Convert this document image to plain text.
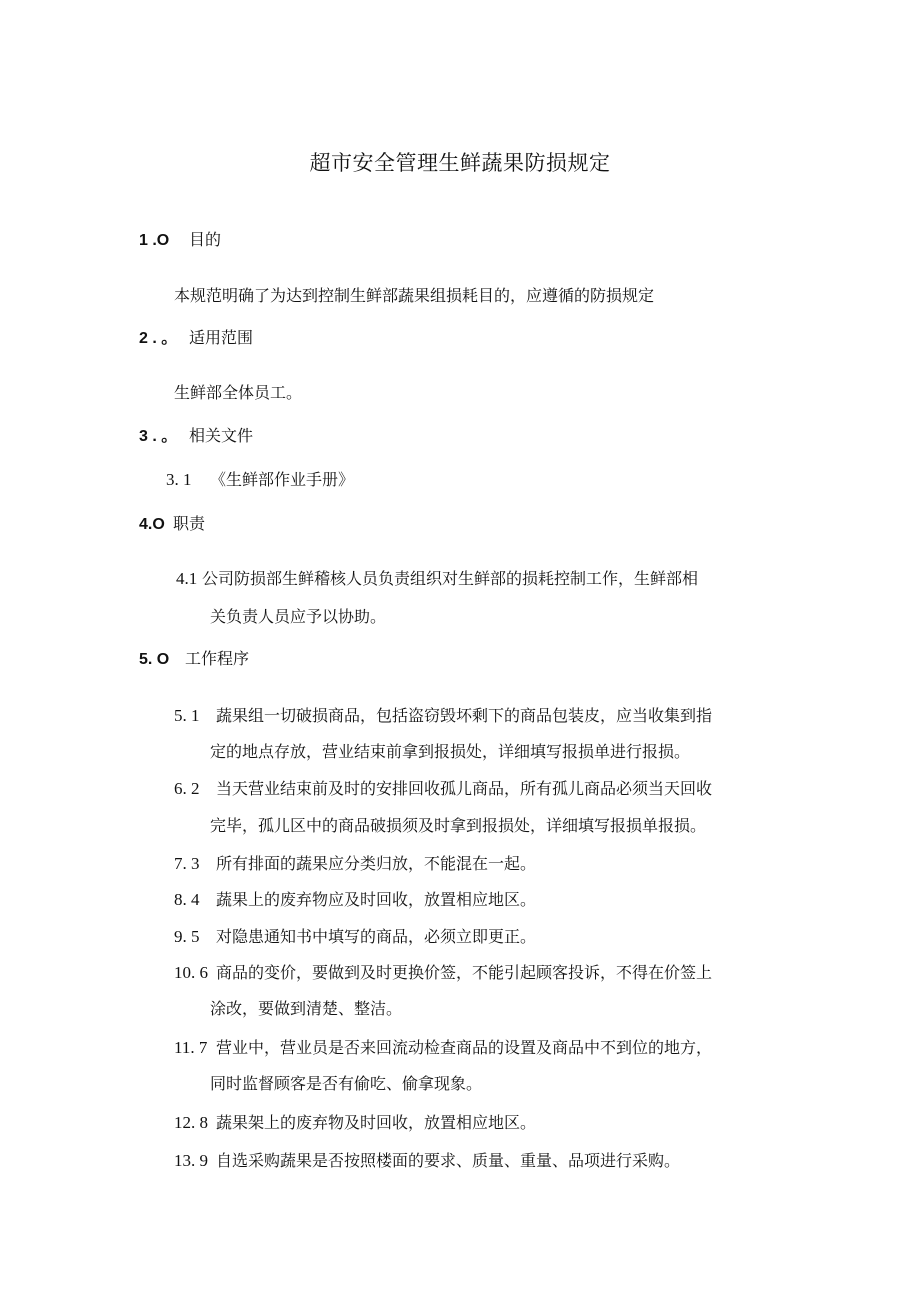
超市安全管理生鲜蔬果防损规定
1 .O 目的
本规范明确了为达到控制生鲜部蔬果组损耗目的，应遵循的防损规定
2 . 。 适用范围
生鲜部全体员工。
3 . 。 相关文件
3. 1 《生鲜部作业手册》
4.O 职责
4.1 公司防损部生鲜稽核人员负责组织对生鲜部的损耗控制工作，生鲜部相
关负责人员应予以协助。
5. O 工作程序
5. 1 蔬果组一切破损商品，包括盗窃毁坏剩下的商品包装皮，应当收集到指
定的地点存放，营业结束前拿到报损处，详细填写报损单进行报损。
6. 2 当天营业结束前及时的安排回收孤儿商品，所有孤儿商品必须当天回收
完毕，孤儿区中的商品破损须及时拿到报损处，详细填写报损单报损。
7. 3 所有排面的蔬果应分类归放，不能混在一起。
8. 4 蔬果上的废弃物应及时回收，放置相应地区。
9. 5 对隐患通知书中填写的商品，必须立即更正。
10. 6 商品的变价，要做到及时更换价签，不能引起顾客投诉，不得在价签上
涂改，要做到清楚、整洁。
11. 7 营业中，营业员是否来回流动检查商品的设置及商品中不到位的地方，
同时监督顾客是否有偷吃、偷拿现象。
12. 8 蔬果架上的废弃物及时回收，放置相应地区。
13. 9 自选采购蔬果是否按照楼面的要求、质量、重量、品项进行采购。
